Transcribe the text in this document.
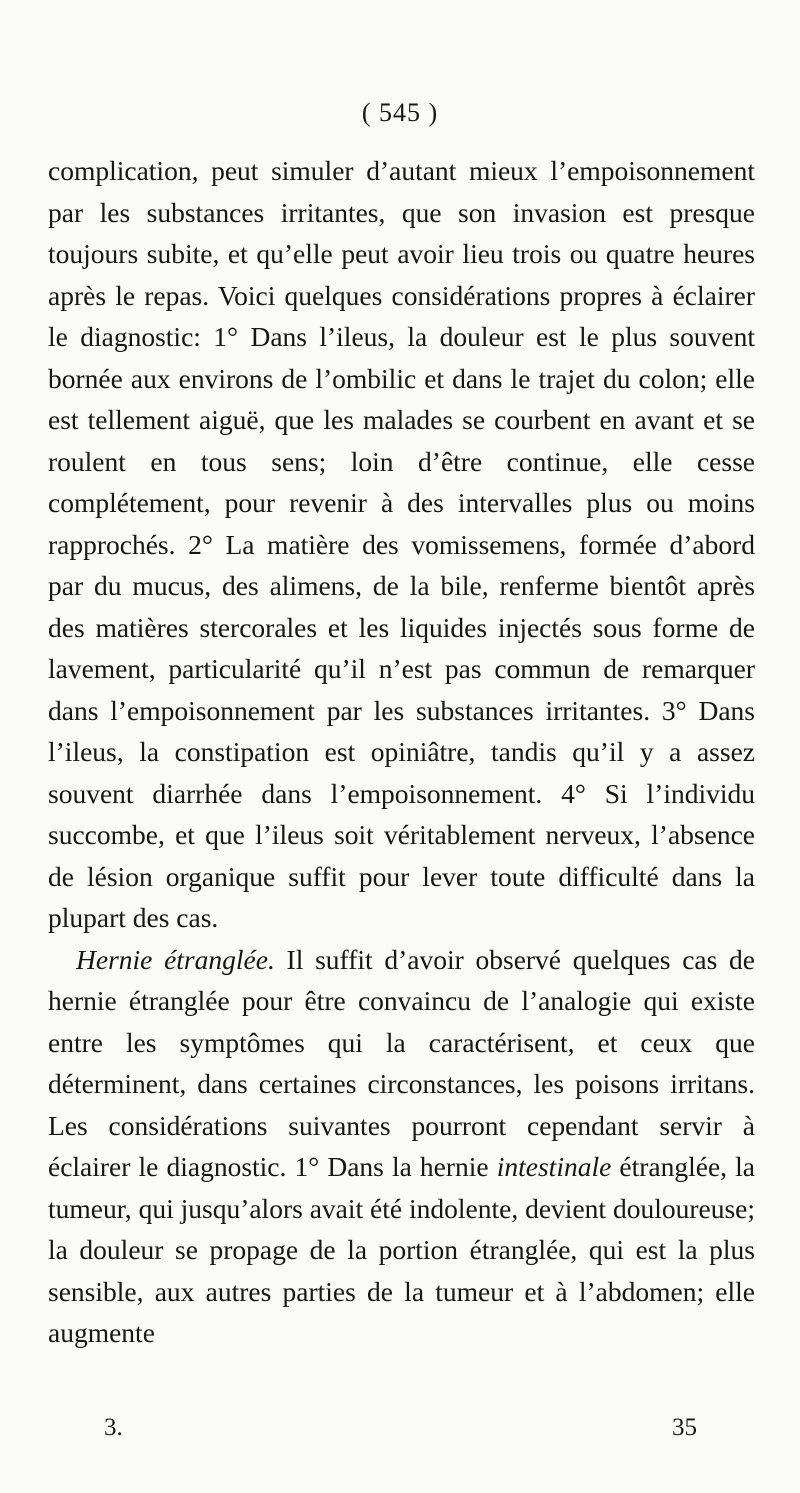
( 545 )

complication, peut simuler d’autant mieux l’empoisonnement par les substances irritantes, que son invasion est presque toujours subite, et qu’elle peut avoir lieu trois ou quatre heures après le repas. Voici quelques considérations propres à éclairer le diagnostic: 1° Dans l’ileus, la douleur est le plus souvent bornée aux environs de l’ombilic et dans le trajet du colon; elle est tellement aiguë, que les malades se courbent en avant et se roulent en tous sens; loin d’être continue, elle cesse complétement, pour revenir à des intervalles plus ou moins rapprochés. 2° La matière des vomissemens, formée d’abord par du mucus, des alimens, de la bile, renferme bientôt après des matières stercorales et les liquides injectés sous forme de lavement, particularité qu’il n’est pas commun de remarquer dans l’empoisonnement par les substances irritantes. 3° Dans l’ileus, la constipation est opiniâtre, tandis qu’il y a assez souvent diarrhée dans l’empoisonnement. 4° Si l’individu succombe, et que l’ileus soit véritablement nerveux, l’absence de lésion organique suffit pour lever toute difficulté dans la plupart des cas.

Hernie étranglée. Il suffit d’avoir observé quelques cas de hernie étranglée pour être convaincu de l’analogie qui existe entre les symptômes qui la caractérisent, et ceux que déterminent, dans certaines circonstances, les poisons irritans. Les considérations suivantes pourront cependant servir à éclairer le diagnostic. 1° Dans la hernie intestinale étranglée, la tumeur, qui jusqu’alors avait été indolente, devient douloureuse; la douleur se propage de la portion étranglée, qui est la plus sensible, aux autres parties de la tumeur et à l’abdomen; elle augmente

3.	35
